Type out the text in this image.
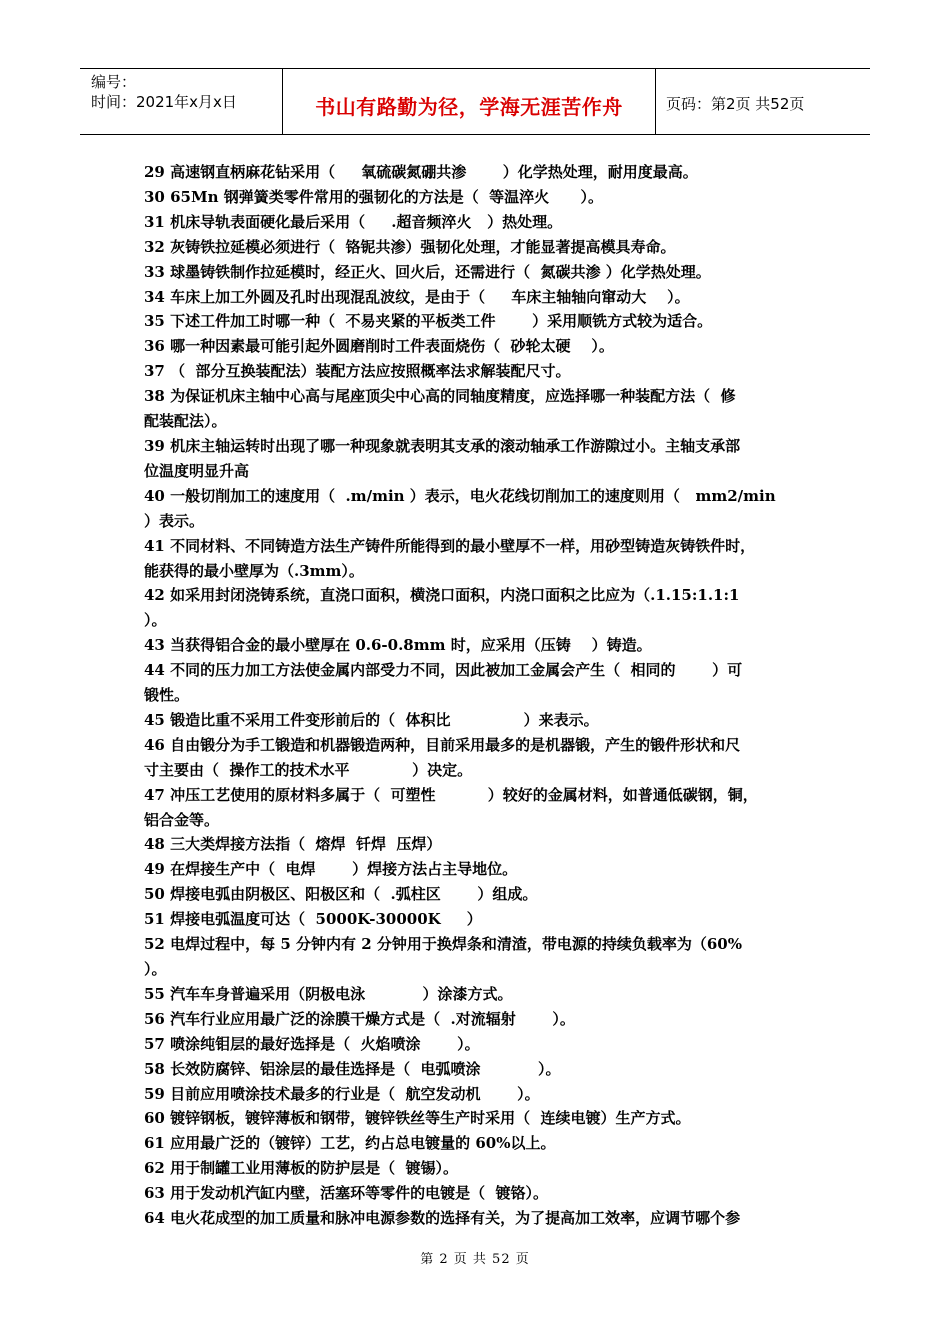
编号：
时间：2021年x月x日	书山有路勤为径，学海无涯苦作舟	页码：第2页 共52页
29 高速钢直柄麻花钻采用（     氧硫碳氮硼共渗       ）化学热处理，耐用度最高。
30 65Mn 钢弹簧类零件常用的强韧化的方法是（  等温淬火      ）。
31 机床导轨表面硬化最后采用（     .超音频淬火   ）热处理。
32 灰铸铁拉延模必须进行（  铬铌共渗）强韧化处理，才能显著提高模具寿命。
33 球墨铸铁制作拉延模时，经正火、回火后，还需进行（  氮碳共渗 ）化学热处理。
34 车床上加工外圆及孔时出现混乱波纹，是由于（     车床主轴轴向窜动大    ）。
35 下述工件加工时哪一种（  不易夹紧的平板类工件       ）采用顺铣方式较为适合。
36 哪一种因素最可能引起外圆磨削时工件表面烧伤（  砂轮太硬    ）。
37 （  部分互换装配法）装配方法应按照概率法求解装配尺寸。
38 为保证机床主轴中心高与尾座顶尖中心高的同轴度精度，应选择哪一种装配方法（  修
配装配法）。
39 机床主轴运转时出现了哪一种现象就表明其支承的滚动轴承工作游隙过小。主轴支承部
位温度明显升高
40 一般切削加工的速度用（  .m/min ）表示，电火花线切削加工的速度则用（   mm2/min
）表示。
41 不同材料、不同铸造方法生产铸件所能得到的最小壁厚不一样，用砂型铸造灰铸铁件时，
能获得的最小壁厚为（.3mm）。
42 如采用封闭浇铸系统，直浇口面积，横浇口面积，内浇口面积之比应为（.1.15:1.1:1
）。
43 当获得铝合金的最小壁厚在 0.6-0.8mm 时，应采用（压铸    ）铸造。
44 不同的压力加工方法使金属内部受力不同，因此被加工金属会产生（  相同的       ）可
锻性。
45 锻造比重不采用工件变形前后的（  体积比              ）来表示。
46 自由锻分为手工锻造和机器锻造两种，目前采用最多的是机器锻，产生的锻件形状和尺
寸主要由（  操作工的技术水平            ）决定。
47 冲压工艺使用的原材料多属于（  可塑性          ）较好的金属材料，如普通低碳钢，铜，
铝合金等。
48 三大类焊接方法指（  熔焊  钎焊  压焊）
49 在焊接生产中（  电焊       ）焊接方法占主导地位。
50 焊接电弧由阴极区、阳极区和（  .弧柱区       ）组成。
51 焊接电弧温度可达（  5000K-30000K     ）
52 电焊过程中，每 5 分钟内有 2 分钟用于换焊条和清渣，带电源的持续负载率为（60%
）。
55 汽车车身普遍采用（阴极电泳           ）涂漆方式。
56 汽车行业应用最广泛的涂膜干燥方式是（  .对流辐射       ）。
57 喷涂纯钼层的最好选择是（  火焰喷涂       ）。
58 长效防腐锌、铝涂层的最佳选择是（  电弧喷涂           ）。
59 目前应用喷涂技术最多的行业是（  航空发动机       ）。
60 镀锌钢板，镀锌薄板和钢带，镀锌铁丝等生产时采用（  连续电镀）生产方式。
61 应用最广泛的（镀锌）工艺，约占总电镀量的 60%以上。
62 用于制罐工业用薄板的防护层是（  镀锡）。
63 用于发动机汽缸内壁，活塞环等零件的电镀是（  镀铬）。
64 电火花成型的加工质量和脉冲电源参数的选择有关，为了提高加工效率，应调节哪个参
第 2 页 共 52 页
